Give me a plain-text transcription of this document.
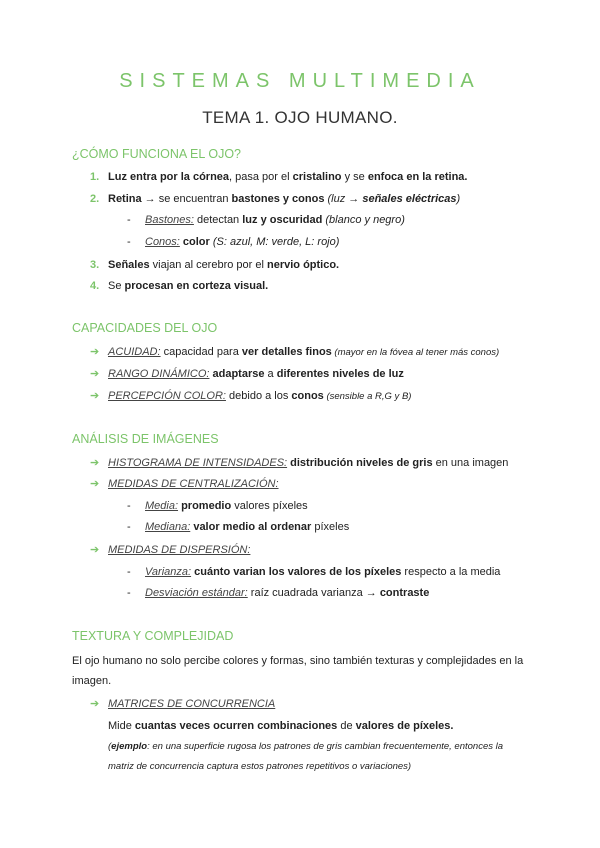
SISTEMAS MULTIMEDIA
TEMA 1. OJO HUMANO.
¿CÓMO FUNCIONA EL OJO?
1. Luz entra por la córnea, pasa por el cristalino y se enfoca en la retina.
2. Retina → se encuentran bastones y conos (luz → señales eléctricas)
- Bastones: detectan luz y oscuridad (blanco y negro)
- Conos: color (S: azul, M: verde, L: rojo)
3. Señales viajan al cerebro por el nervio óptico.
4. Se procesan en corteza visual.
CAPACIDADES DEL OJO
➔ ACUIDAD: capacidad para ver detalles finos (mayor en la fóvea al tener más conos)
➔ RANGO DINÁMICO: adaptarse a diferentes niveles de luz
➔ PERCEPCIÓN COLOR: debido a los conos (sensible a R,G y B)
ANÁLISIS DE IMÁGENES
➔ HISTOGRAMA DE INTENSIDADES: distribución niveles de gris en una imagen
➔ MEDIDAS DE CENTRALIZACIÓN:
- Media: promedio valores píxeles
- Mediana: valor medio al ordenar píxeles
➔ MEDIDAS DE DISPERSIÓN:
- Varianza: cuánto varian los valores de los píxeles respecto a la media
- Desviación estándar: raíz cuadrada varianza → contraste
TEXTURA Y COMPLEJIDAD
El ojo humano no solo percibe colores y formas, sino también texturas y complejidades en la imagen.
➔ MATRICES DE CONCURRENCIA
Mide cuantas veces ocurren combinaciones de valores de píxeles.
(ejemplo: en una superficie rugosa los patrones de gris cambian frecuentemente, entonces la
matriz de concurrencia captura estos patrones repetitivos o variaciones)
